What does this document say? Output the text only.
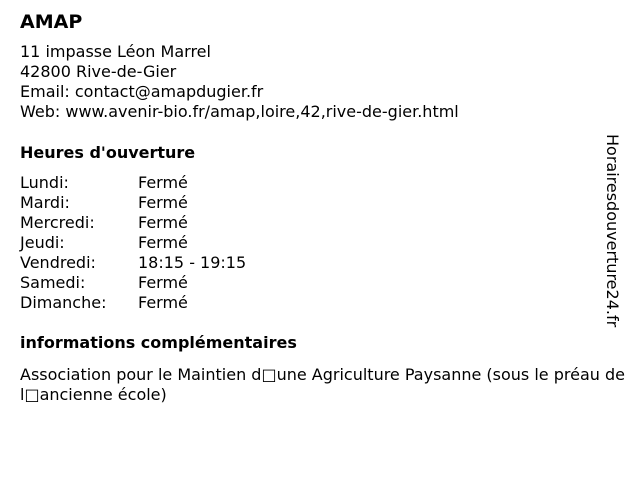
AMAP
11 impasse Léon Marrel
42800 Rive-de-Gier
Email: contact@amapdugier.fr
Web: www.avenir-bio.fr/amap,loire,42,rive-de-gier.html
Heures d'ouverture
Lundi:	Fermé
Mardi:	Fermé
Mercredi:	Fermé
Jeudi:	Fermé
Vendredi:	18:15 - 19:15
Samedi:	Fermé
Dimanche:	Fermé
informations complémentaires
Association pour le Maintien d□une Agriculture Paysanne (sous le préau de l□ancienne école)
Horairesdouverture24.fr
